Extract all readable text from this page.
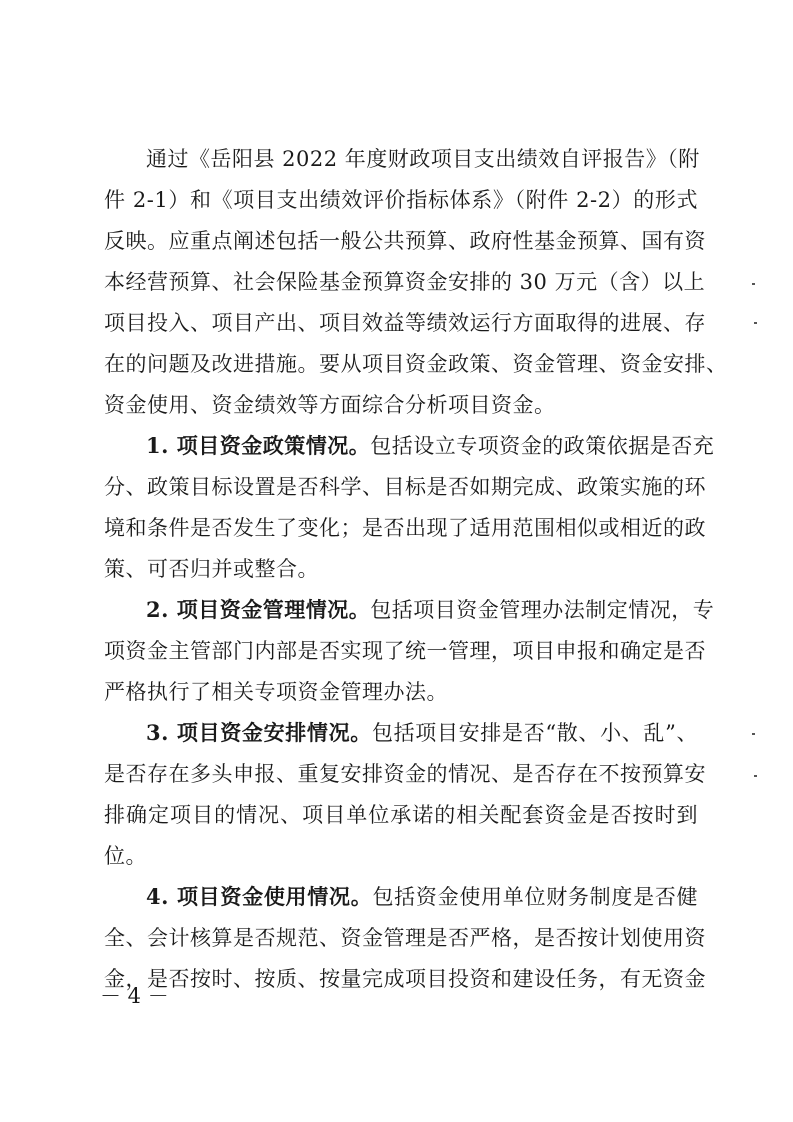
通过《岳阳县 2022 年度财政项目支出绩效自评报告》（附
件 2-1）和《项目支出绩效评价指标体系》（附件 2-2）的形式
反映。应重点阐述包括一般公共预算、政府性基金预算、国有资
本经营预算、社会保险基金预算资金安排的 30 万元（含）以上
项目投入、项目产出、项目效益等绩效运行方面取得的进展、存
在的问题及改进措施。要从项目资金政策、资金管理、资金安排、
资金使用、资金绩效等方面综合分析项目资金。
1. 项目资金政策情况。包括设立专项资金的政策依据是否充
分、政策目标设置是否科学、目标是否如期完成、政策实施的环
境和条件是否发生了变化；是否出现了适用范围相似或相近的政
策、可否归并或整合。
2. 项目资金管理情况。包括项目资金管理办法制定情况，专
项资金主管部门内部是否实现了统一管理，项目申报和确定是否
严格执行了相关专项资金管理办法。
3. 项目资金安排情况。包括项目安排是否“散、小、乱”、
是否存在多头申报、重复安排资金的情况、是否存在不按预算安
排确定项目的情况、项目单位承诺的相关配套资金是否按时到
位。
4. 项目资金使用情况。包括资金使用单位财务制度是否健
全、会计核算是否规范、资金管理是否严格，是否按计划使用资
金，是否按时、按质、按量完成项目投资和建设任务，有无资金
－ 4 －
